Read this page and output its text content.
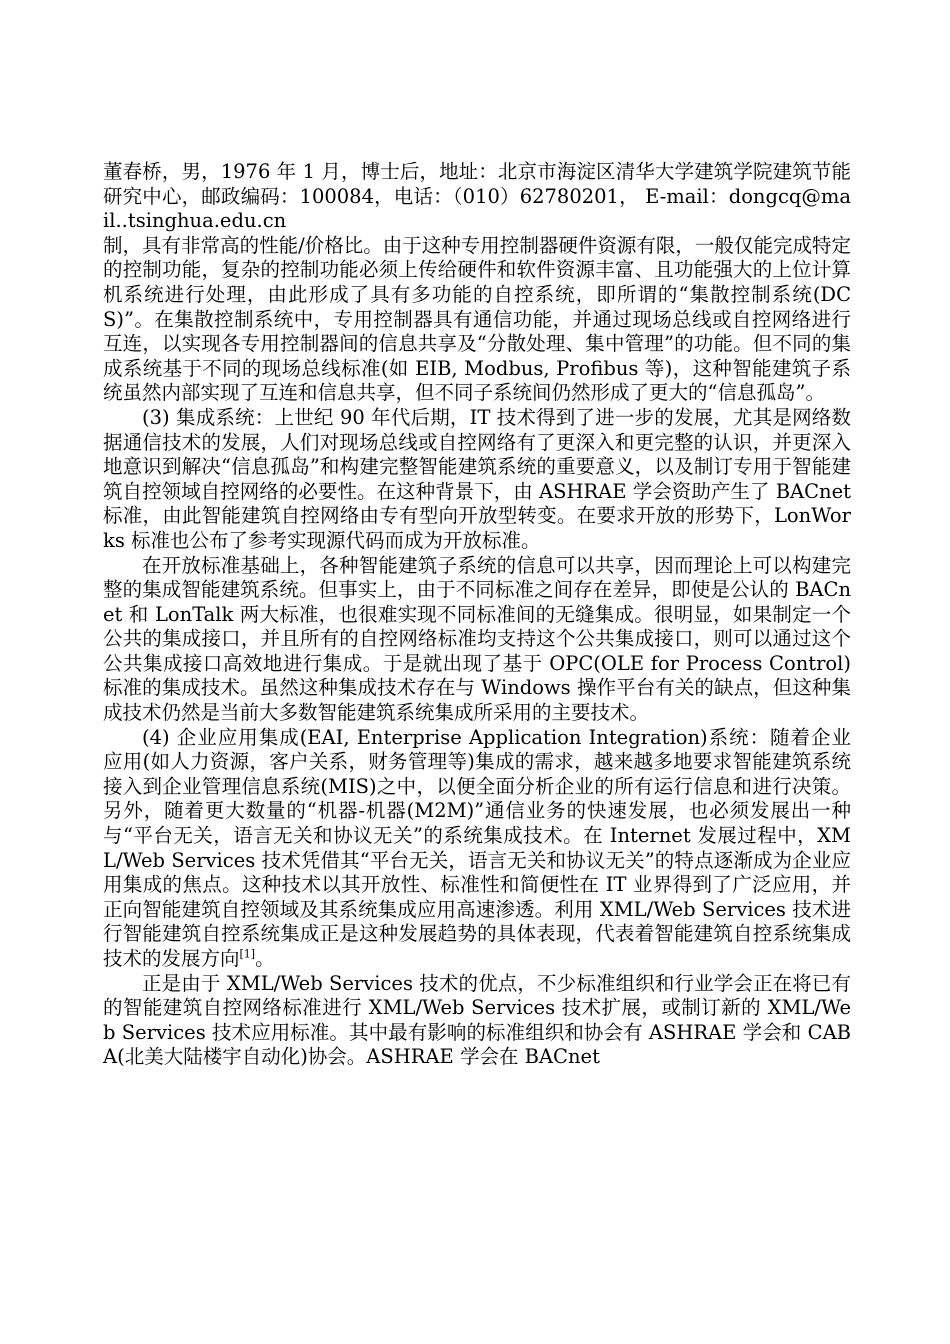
董春桥，男，1976 年 1 月，博士后，地址：北京市海淀区清华大学建筑学院建筑节能研究中心，邮政编码：100084，电话：（010）62780201， E-mail：dongcq@mail..tsinghua.edu.cn

制，具有非常高的性能/价格比。由于这种专用控制器硬件资源有限，一般仅能完成特定的控制功能，复杂的控制功能必须上传给硬件和软件资源丰富、且功能强大的上位计算机系统进行处理，由此形成了具有多功能的自控系统，即所谓的“集散控制系统(DCS)”。在集散控制系统中，专用控制器具有通信功能，并通过现场总线或自控网络进行互连，以实现各专用控制器间的信息共享及“分散处理、集中管理”的功能。但不同的集成系统基于不同的现场总线标准(如 EIB, Modbus, Profibus 等)，这种智能建筑子系统虽然内部实现了互连和信息共享，但不同子系统间仍然形成了更大的“信息孤岛”。

(3) 集成系统：上世纪 90 年代后期，IT 技术得到了进一步的发展，尤其是网络数据通信技术的发展，人们对现场总线或自控网络有了更深入和更完整的认识，并更深入地意识到解决“信息孤岛”和构建完整智能建筑系统的重要意义，以及制订专用于智能建筑自控领域自控网络的必要性。在这种背景下，由 ASHRAE 学会资助产生了 BACnet 标准，由此智能建筑自控网络由专有型向开放型转变。在要求开放的形势下，LonWorks 标准也公布了参考实现源代码而成为开放标准。

在开放标准基础上，各种智能建筑子系统的信息可以共享，因而理论上可以构建完整的集成智能建筑系统。但事实上，由于不同标准之间存在差异，即使是公认的 BACnet 和 LonTalk 两大标准，也很难实现不同标准间的无缝集成。很明显，如果制定一个公共的集成接口，并且所有的自控网络标准均支持这个公共集成接口，则可以通过这个公共集成接口高效地进行集成。于是就出现了基于 OPC(OLE for Process Control)标准的集成技术。虽然这种集成技术存在与 Windows 操作平台有关的缺点，但这种集成技术仍然是当前大多数智能建筑系统集成所采用的主要技术。

(4) 企业应用集成(EAI, Enterprise Application Integration)系统：随着企业应用(如人力资源，客户关系，财务管理等)集成的需求，越来越多地要求智能建筑系统接入到企业管理信息系统(MIS)之中，以便全面分析企业的所有运行信息和进行决策。另外，随着更大数量的“机器-机器(M2M)”通信业务的快速发展，也必须发展出一种与“平台无关，语言无关和协议无关”的系统集成技术。在 Internet 发展过程中，XML/Web Services 技术凭借其“平台无关，语言无关和协议无关”的特点逐渐成为企业应用集成的焦点。这种技术以其开放性、标准性和简便性在 IT 业界得到了广泛应用，并正向智能建筑自控领域及其系统集成应用高速渗透。利用 XML/Web Services 技术进行智能建筑自控系统集成正是这种发展趋势的具体表现，代表着智能建筑自控系统集成技术的发展方向[1]。

正是由于 XML/Web Services 技术的优点，不少标准组织和行业学会正在将已有的智能建筑自控网络标准进行 XML/Web Services 技术扩展，或制订新的 XML/Web Services 技术应用标准。其中最有影响的标准组织和协会有 ASHRAE 学会和 CABA(北美大陆楼宇自动化)协会。ASHRAE 学会在 BACnet
